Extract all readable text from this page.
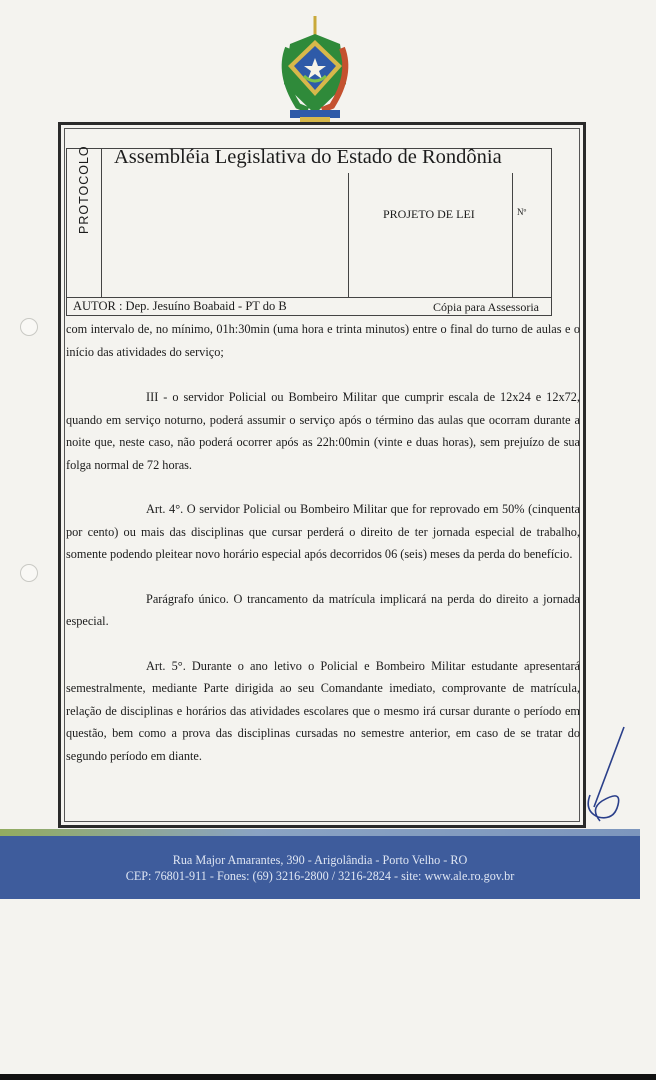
PROTOCOLO Assembléia Legislativa do Estado de Rondônia
PROJETO DE LEI	Nº
AUTOR : Dep. Jesuíno Boabaid - PT do B	Cópia para Assessoria

com intervalo de, no mínimo, 01h:30min (uma hora e trinta minutos) entre o final do turno de aulas e o início das atividades do serviço;

III - o servidor Policial ou Bombeiro Militar que cumprir escala de 12x24 e 12x72, quando em serviço noturno, poderá assumir o serviço após o término das aulas que ocorram durante a noite que, neste caso, não poderá ocorrer após as 22h:00min (vinte e duas horas), sem prejuízo de sua folga normal de 72 horas.

Art. 4°. O servidor Policial ou Bombeiro Militar que for reprovado em 50% (cinquenta por cento) ou mais das disciplinas que cursar perderá o direito de ter jornada especial de trabalho, somente podendo pleitear novo horário especial após decorridos 06 (seis) meses da perda do benefício.

Parágrafo único. O trancamento da matrícula implicará na perda do direito a jornada especial.

Art. 5°. Durante o ano letivo o Policial e Bombeiro Militar estudante apresentará semestralmente, mediante Parte dirigida ao seu Comandante imediato, comprovante de matrícula, relação de disciplinas e horários das atividades escolares que o mesmo irá cursar durante o período em questão, bem como a prova das disciplinas cursadas no semestre anterior, em caso de se tratar do segundo período em diante.

Rua Major Amarantes, 390 - Arigolândia - Porto Velho - RO
CEP: 76801-911 - Fones: (69) 3216-2800 / 3216-2824 - site: www.ale.ro.gov.br
